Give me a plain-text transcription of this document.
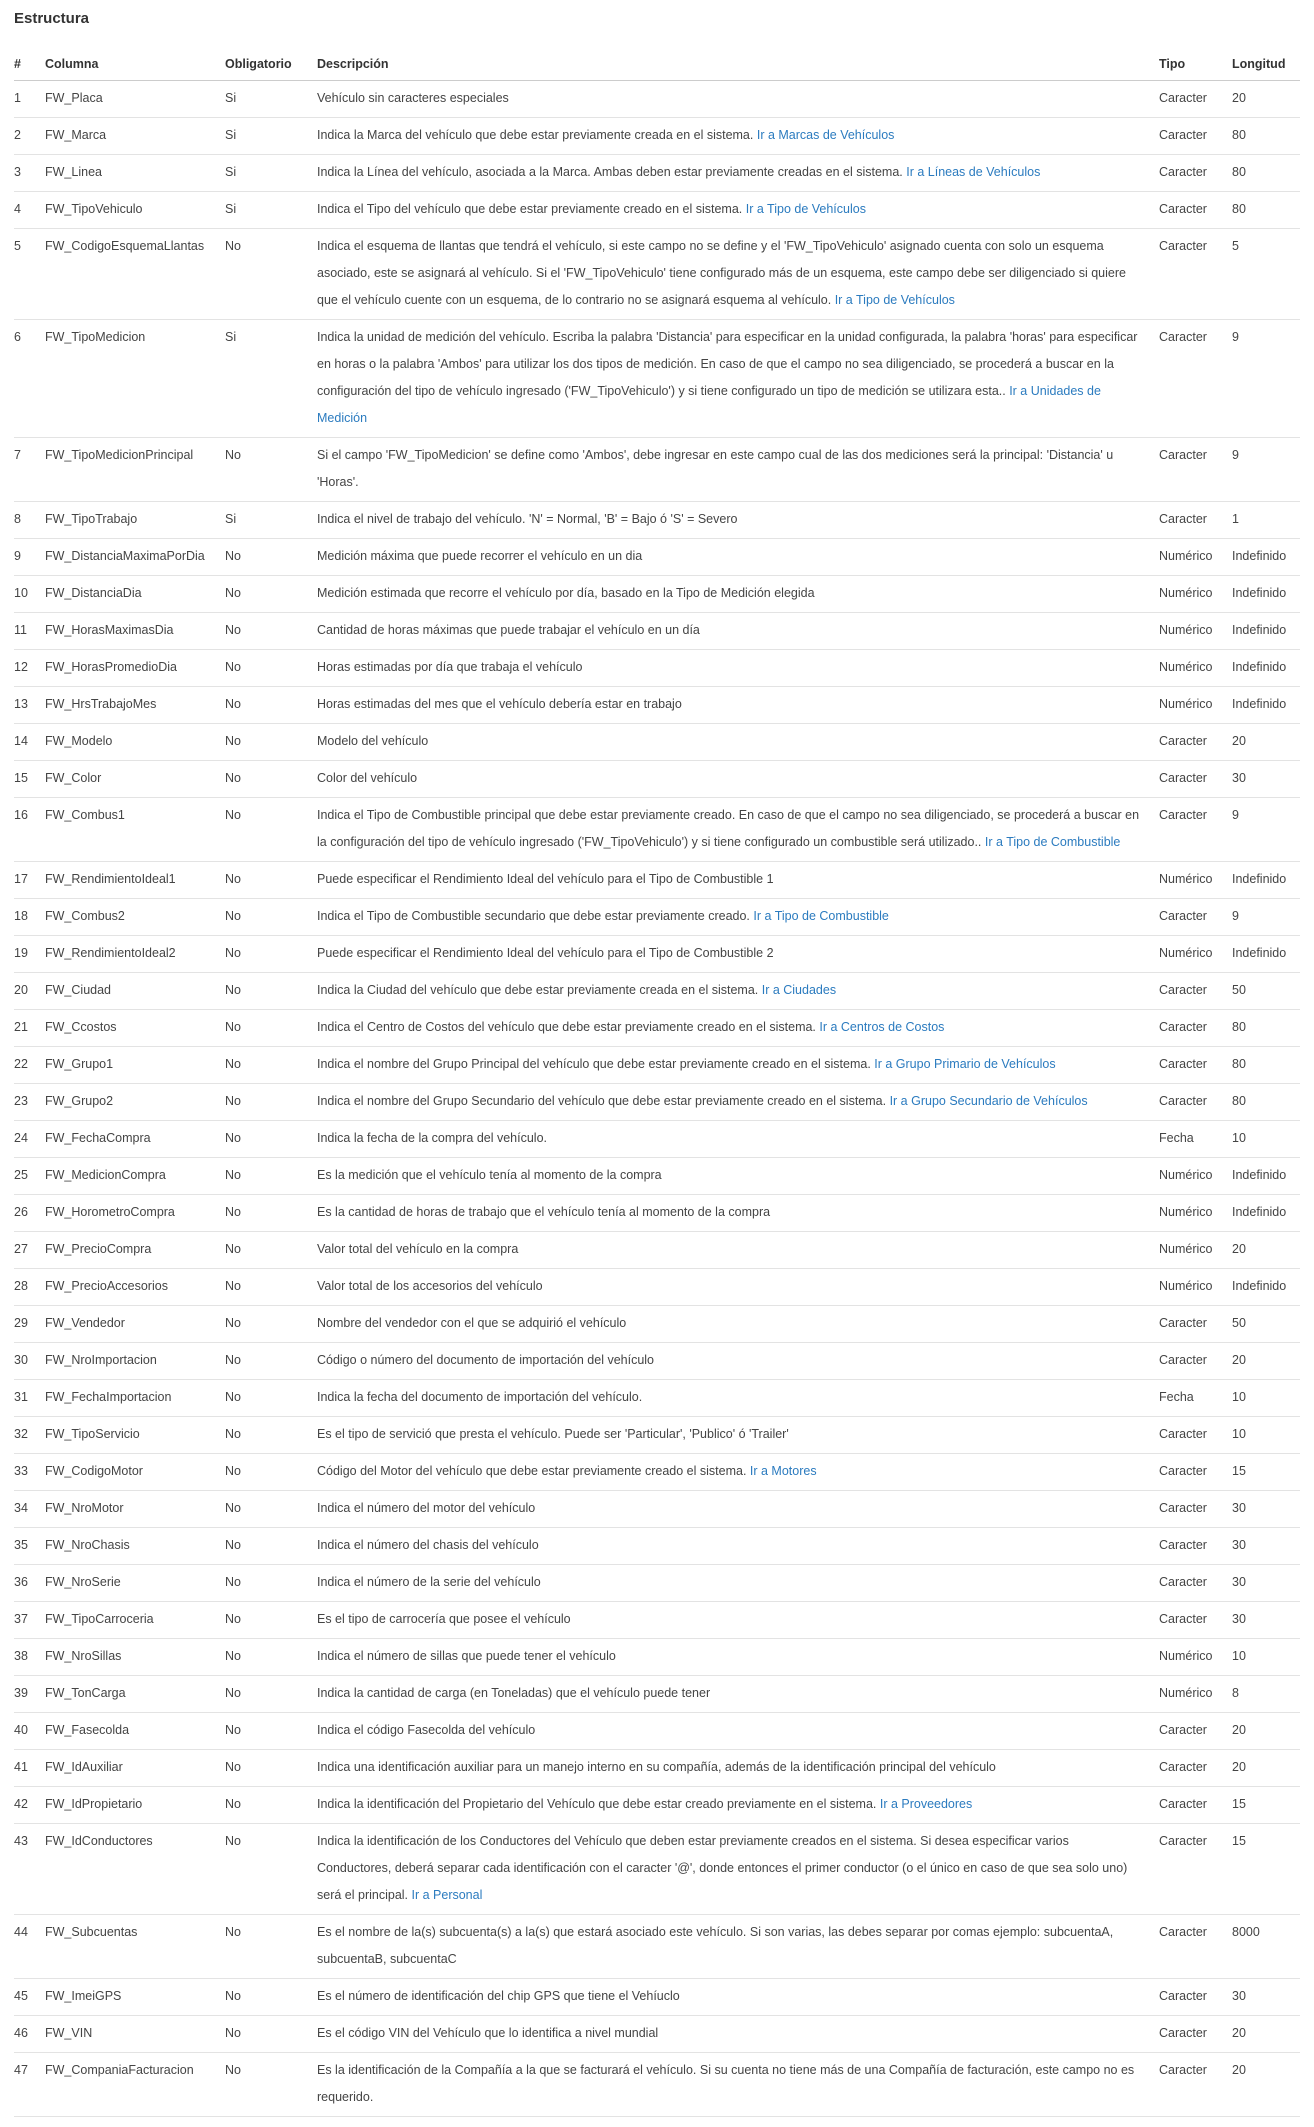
Estructura
#	Columna	Obligatorio	Descripción	Tipo	Longitud
1	FW_Placa	Si	Vehículo sin caracteres especiales	Caracter	20
2	FW_Marca	Si	Indica la Marca del vehículo que debe estar previamente creada en el sistema. Ir a Marcas de Vehículos	Caracter	80
3	FW_Linea	Si	Indica la Línea del vehículo, asociada a la Marca. Ambas deben estar previamente creadas en el sistema. Ir a Líneas de Vehículos	Caracter	80
4	FW_TipoVehiculo	Si	Indica el Tipo del vehículo que debe estar previamente creado en el sistema. Ir a Tipo de Vehículos	Caracter	80
5	FW_CodigoEsquemaLlantas	No	Indica el esquema de llantas que tendrá el vehículo, si este campo no se define y el 'FW_TipoVehiculo' asignado cuenta con solo un esquema asociado, este se asignará al vehículo. Si el 'FW_TipoVehiculo' tiene configurado más de un esquema, este campo debe ser diligenciado si quiere que el vehículo cuente con un esquema, de lo contrario no se asignará esquema al vehículo. Ir a Tipo de Vehículos	Caracter	5
6	FW_TipoMedicion	Si	Indica la unidad de medición del vehículo. Escriba la palabra 'Distancia' para especificar en la unidad configurada, la palabra 'horas' para especificar en horas o la palabra 'Ambos' para utilizar los dos tipos de medición. En caso de que el campo no sea diligenciado, se procederá a buscar en la configuración del tipo de vehículo ingresado ('FW_TipoVehiculo') y si tiene configurado un tipo de medición se utilizara esta.. Ir a Unidades de Medición	Caracter	9
7	FW_TipoMedicionPrincipal	No	Si el campo 'FW_TipoMedicion' se define como 'Ambos', debe ingresar en este campo cual de las dos mediciones será la principal: 'Distancia' u 'Horas'.	Caracter	9
8	FW_TipoTrabajo	Si	Indica el nivel de trabajo del vehículo. 'N' = Normal, 'B' = Bajo ó 'S' = Severo	Caracter	1
9	FW_DistanciaMaximaPorDia	No	Medición máxima que puede recorrer el vehículo en un dia	Numérico	Indefinido
10	FW_DistanciaDia	No	Medición estimada que recorre el vehículo por día, basado en la Tipo de Medición elegida	Numérico	Indefinido
11	FW_HorasMaximasDia	No	Cantidad de horas máximas que puede trabajar el vehículo en un día	Numérico	Indefinido
12	FW_HorasPromedioDia	No	Horas estimadas por día que trabaja el vehículo	Numérico	Indefinido
13	FW_HrsTrabajoMes	No	Horas estimadas del mes que el vehículo debería estar en trabajo	Numérico	Indefinido
14	FW_Modelo	No	Modelo del vehículo	Caracter	20
15	FW_Color	No	Color del vehículo	Caracter	30
16	FW_Combus1	No	Indica el Tipo de Combustible principal que debe estar previamente creado. En caso de que el campo no sea diligenciado, se procederá a buscar en la configuración del tipo de vehículo ingresado ('FW_TipoVehiculo') y si tiene configurado un combustible será utilizado.. Ir a Tipo de Combustible	Caracter	9
17	FW_RendimientoIdeal1	No	Puede especificar el Rendimiento Ideal del vehículo para el Tipo de Combustible 1	Numérico	Indefinido
18	FW_Combus2	No	Indica el Tipo de Combustible secundario que debe estar previamente creado. Ir a Tipo de Combustible	Caracter	9
19	FW_RendimientoIdeal2	No	Puede especificar el Rendimiento Ideal del vehículo para el Tipo de Combustible 2	Numérico	Indefinido
20	FW_Ciudad	No	Indica la Ciudad del vehículo que debe estar previamente creada en el sistema. Ir a Ciudades	Caracter	50
21	FW_Ccostos	No	Indica el Centro de Costos del vehículo que debe estar previamente creado en el sistema. Ir a Centros de Costos	Caracter	80
22	FW_Grupo1	No	Indica el nombre del Grupo Principal del vehículo que debe estar previamente creado en el sistema. Ir a Grupo Primario de Vehículos	Caracter	80
23	FW_Grupo2	No	Indica el nombre del Grupo Secundario del vehículo que debe estar previamente creado en el sistema. Ir a Grupo Secundario de Vehículos	Caracter	80
24	FW_FechaCompra	No	Indica la fecha de la compra del vehículo.	Fecha	10
25	FW_MedicionCompra	No	Es la medición que el vehículo tenía al momento de la compra	Numérico	Indefinido
26	FW_HorometroCompra	No	Es la cantidad de horas de trabajo que el vehículo tenía al momento de la compra	Numérico	Indefinido
27	FW_PrecioCompra	No	Valor total del vehículo en la compra	Numérico	20
28	FW_PrecioAccesorios	No	Valor total de los accesorios del vehículo	Numérico	Indefinido
29	FW_Vendedor	No	Nombre del vendedor con el que se adquirió el vehículo	Caracter	50
30	FW_NroImportacion	No	Código o número del documento de importación del vehículo	Caracter	20
31	FW_FechaImportacion	No	Indica la fecha del documento de importación del vehículo.	Fecha	10
32	FW_TipoServicio	No	Es el tipo de servició que presta el vehículo. Puede ser 'Particular', 'Publico' ó 'Trailer'	Caracter	10
33	FW_CodigoMotor	No	Código del Motor del vehículo que debe estar previamente creado el sistema. Ir a Motores	Caracter	15
34	FW_NroMotor	No	Indica el número del motor del vehículo	Caracter	30
35	FW_NroChasis	No	Indica el número del chasis del vehículo	Caracter	30
36	FW_NroSerie	No	Indica el número de la serie del vehículo	Caracter	30
37	FW_TipoCarroceria	No	Es el tipo de carrocería que posee el vehículo	Caracter	30
38	FW_NroSillas	No	Indica el número de sillas que puede tener el vehículo	Numérico	10
39	FW_TonCarga	No	Indica la cantidad de carga (en Toneladas) que el vehículo puede tener	Numérico	8
40	FW_Fasecolda	No	Indica el código Fasecolda del vehículo	Caracter	20
41	FW_IdAuxiliar	No	Indica una identificación auxiliar para un manejo interno en su compañía, además de la identificación principal del vehículo	Caracter	20
42	FW_IdPropietario	No	Indica la identificación del Propietario del Vehículo que debe estar creado previamente en el sistema. Ir a Proveedores	Caracter	15
43	FW_IdConductores	No	Indica la identificación de los Conductores del Vehículo que deben estar previamente creados en el sistema. Si desea especificar varios Conductores, deberá separar cada identificación con el caracter '@', donde entonces el primer conductor (o el único en caso de que sea solo uno) será el principal. Ir a Personal	Caracter	15
44	FW_Subcuentas	No	Es el nombre de la(s) subcuenta(s) a la(s) que estará asociado este vehículo. Si son varias, las debes separar por comas ejemplo: subcuentaA, subcuentaB, subcuentaC	Caracter	8000
45	FW_ImeiGPS	No	Es el número de identificación del chip GPS que tiene el Vehíuclo	Caracter	30
46	FW_VIN	No	Es el código VIN del Vehículo que lo identifica a nivel mundial	Caracter	20
47	FW_CompaniaFacturacion	No	Es la identificación de la Compañía a la que se facturará el vehículo. Si su cuenta no tiene más de una Compañía de facturación, este campo no es requerido.	Caracter	20
